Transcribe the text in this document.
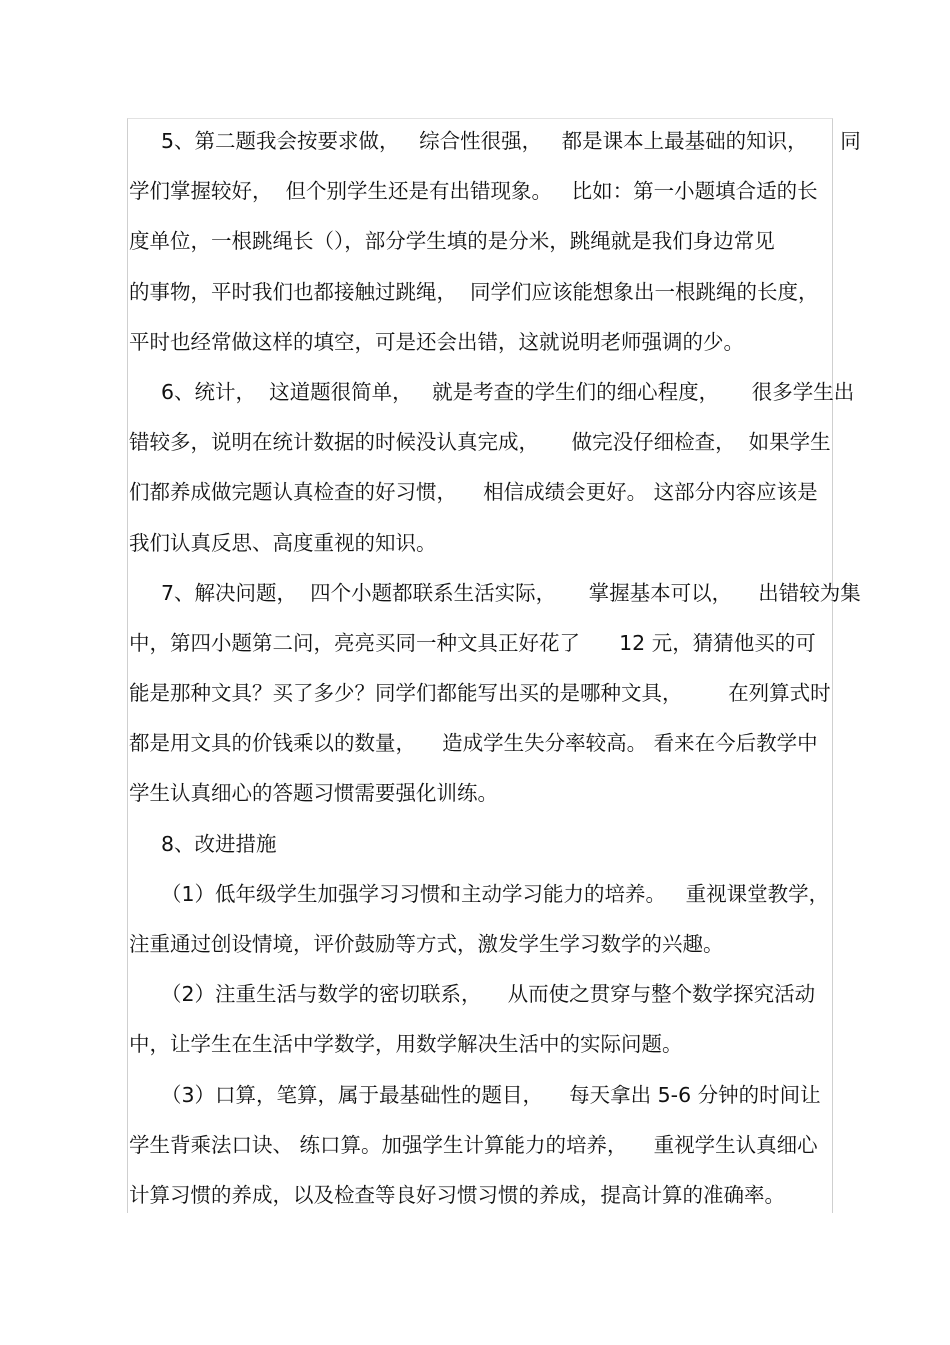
5、第二题我会按要求做，   综合性很强，   都是课本上最基础的知识，     同
学们掌握较好，  但个别学生还是有出错现象。   比如：第一小题填合适的长
度单位，一根跳绳长（），部分学生填的是分米，跳绳就是我们身边常见
的事物，平时我们也都接触过跳绳，  同学们应该能想象出一根跳绳的长度，
平时也经常做这样的填空，可是还会出错，这就说明老师强调的少。
6、统计，  这道题很简单，   就是考查的学生们的细心程度，     很多学生出
错较多，说明在统计数据的时候没认真完成，     做完没仔细检查，  如果学生
们都养成做完题认真检查的好习惯，    相信成绩会更好。 这部分内容应该是
我们认真反思、高度重视的知识。
7、解决问题，  四个小题都联系生活实际，     掌握基本可以，    出错较为集
中，第四小题第二问，亮亮买同一种文具正好花了      12 元，猜猜他买的可
能是那种文具？买了多少？同学们都能写出买的是哪种文具，       在列算式时
都是用文具的价钱乘以的数量，    造成学生失分率较高。 看来在今后教学中
学生认真细心的答题习惯需要强化训练。
8、改进措施
（1）低年级学生加强学习习惯和主动学习能力的培养。   重视课堂教学，
注重通过创设情境，评价鼓励等方式，激发学生学习数学的兴趣。
（2）注重生活与数学的密切联系，    从而使之贯穿与整个数学探究活动
中，让学生在生活中学数学，用数学解决生活中的实际问题。
（3）口算，笔算，属于最基础性的题目，    每天拿出 5-6 分钟的时间让
学生背乘法口诀、 练口算。加强学生计算能力的培养，    重视学生认真细心
计算习惯的养成，以及检查等良好习惯习惯的养成，提高计算的准确率。
